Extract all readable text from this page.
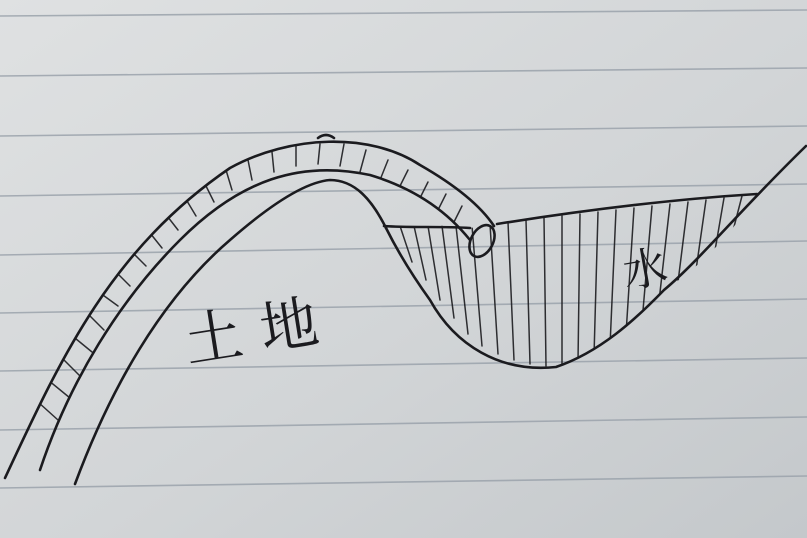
土 地
水
